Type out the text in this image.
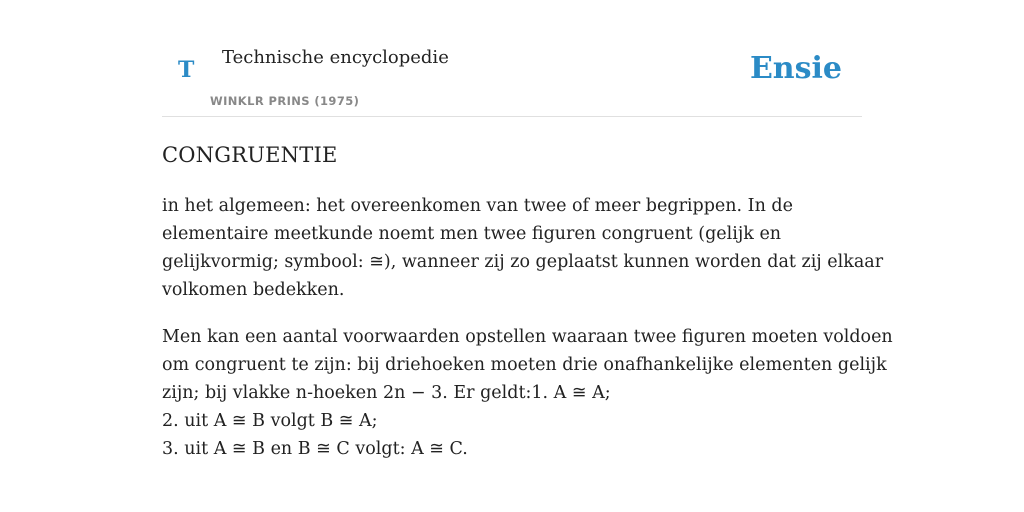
T Technische encyclopedie
WINKLR PRINS (1975)
Ensie
CONGRUENTIE

in het algemeen: het overeenkomen van twee of meer begrippen. In de
elementaire meetkunde noemt men twee figuren congruent (gelijk en
gelijkvormig; symbool: ≅), wanneer zij zo geplaatst kunnen worden dat zij elkaar
volkomen bedekken.

Men kan een aantal voorwaarden opstellen waaraan twee figuren moeten voldoen
om congruent te zijn: bij driehoeken moeten drie onafhankelijke elementen gelijk
zijn; bij vlakke n-hoeken 2n − 3. Er geldt:1. A ≅ A;
2. uit A ≅ B volgt B ≅ A;
3. uit A ≅ B en B ≅ C volgt: A ≅ C.
